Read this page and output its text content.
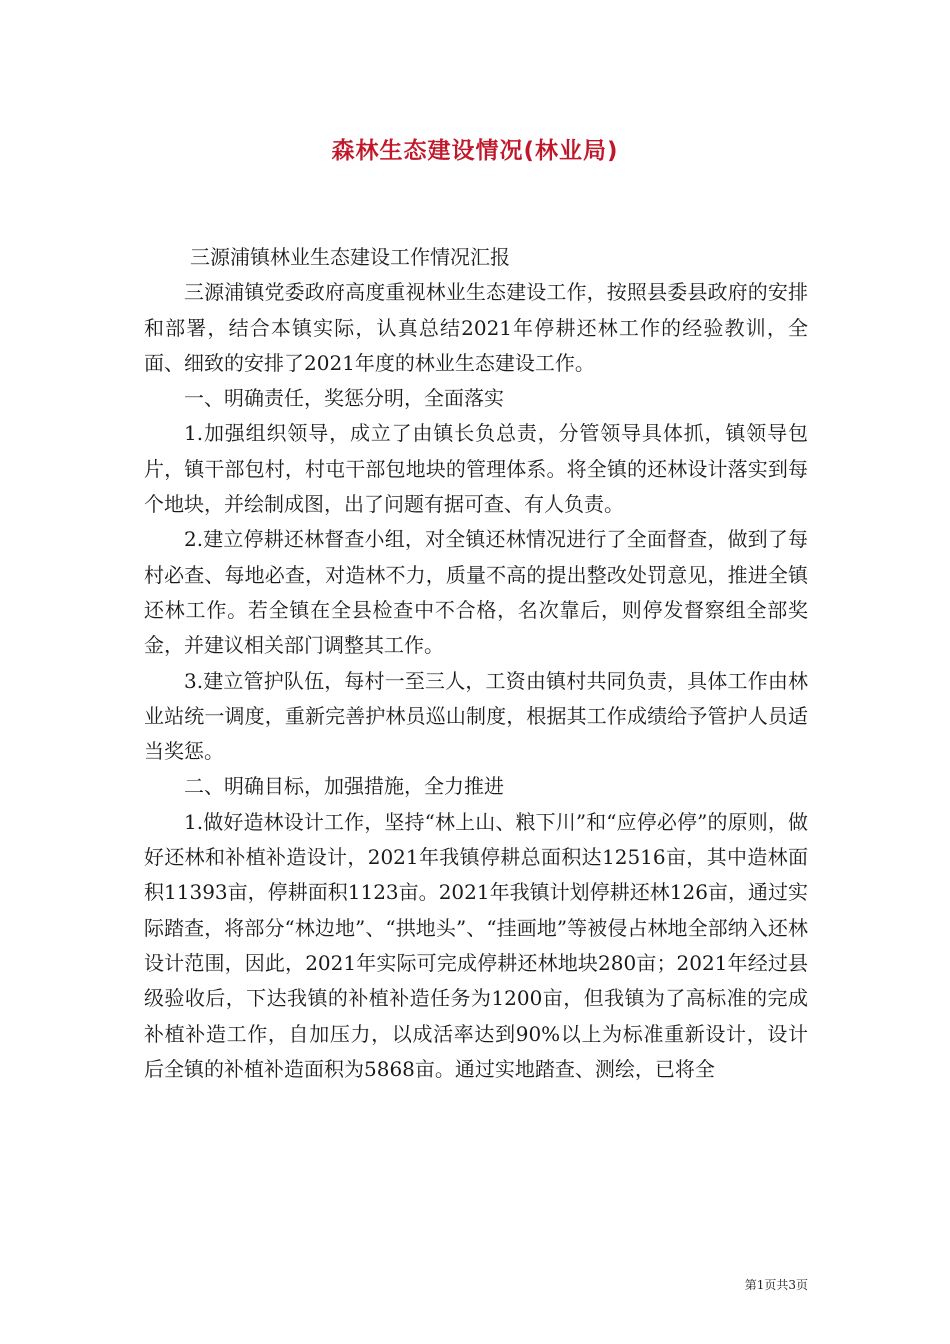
森林生态建设情况(林业局)

三源浦镇林业生态建设工作情况汇报

三源浦镇党委政府高度重视林业生态建设工作，按照县委县政府的安排和部署，结合本镇实际，认真总结2021年停耕还林工作的经验教训，全面、细致的安排了2021年度的林业生态建设工作。

一、明确责任，奖惩分明，全面落实

1.加强组织领导，成立了由镇长负总责，分管领导具体抓，镇领导包片，镇干部包村，村屯干部包地块的管理体系。将全镇的还林设计落实到每个地块，并绘制成图，出了问题有据可查、有人负责。

2.建立停耕还林督查小组，对全镇还林情况进行了全面督查，做到了每村必查、每地必查，对造林不力，质量不高的提出整改处罚意见，推进全镇还林工作。若全镇在全县检查中不合格，名次靠后，则停发督察组全部奖金，并建议相关部门调整其工作。

3.建立管护队伍，每村一至三人，工资由镇村共同负责，具体工作由林业站统一调度，重新完善护林员巡山制度，根据其工作成绩给予管护人员适当奖惩。

二、明确目标，加强措施，全力推进

1.做好造林设计工作，坚持“林上山、粮下川”和“应停必停”的原则，做好还林和补植补造设计，2021年我镇停耕总面积达12516亩，其中造林面积11393亩，停耕面积1123亩。2021年我镇计划停耕还林126亩，通过实际踏查，将部分“林边地”、“拱地头”、“挂画地”等被侵占林地全部纳入还林设计范围，因此，2021年实际可完成停耕还林地块280亩；2021年经过县级验收后，下达我镇的补植补造任务为1200亩，但我镇为了高标准的完成补植补造工作，自加压力，以成活率达到90%以上为标准重新设计，设计后全镇的补植补造面积为5868亩。通过实地踏查、测绘，已将全

第1页共3页
